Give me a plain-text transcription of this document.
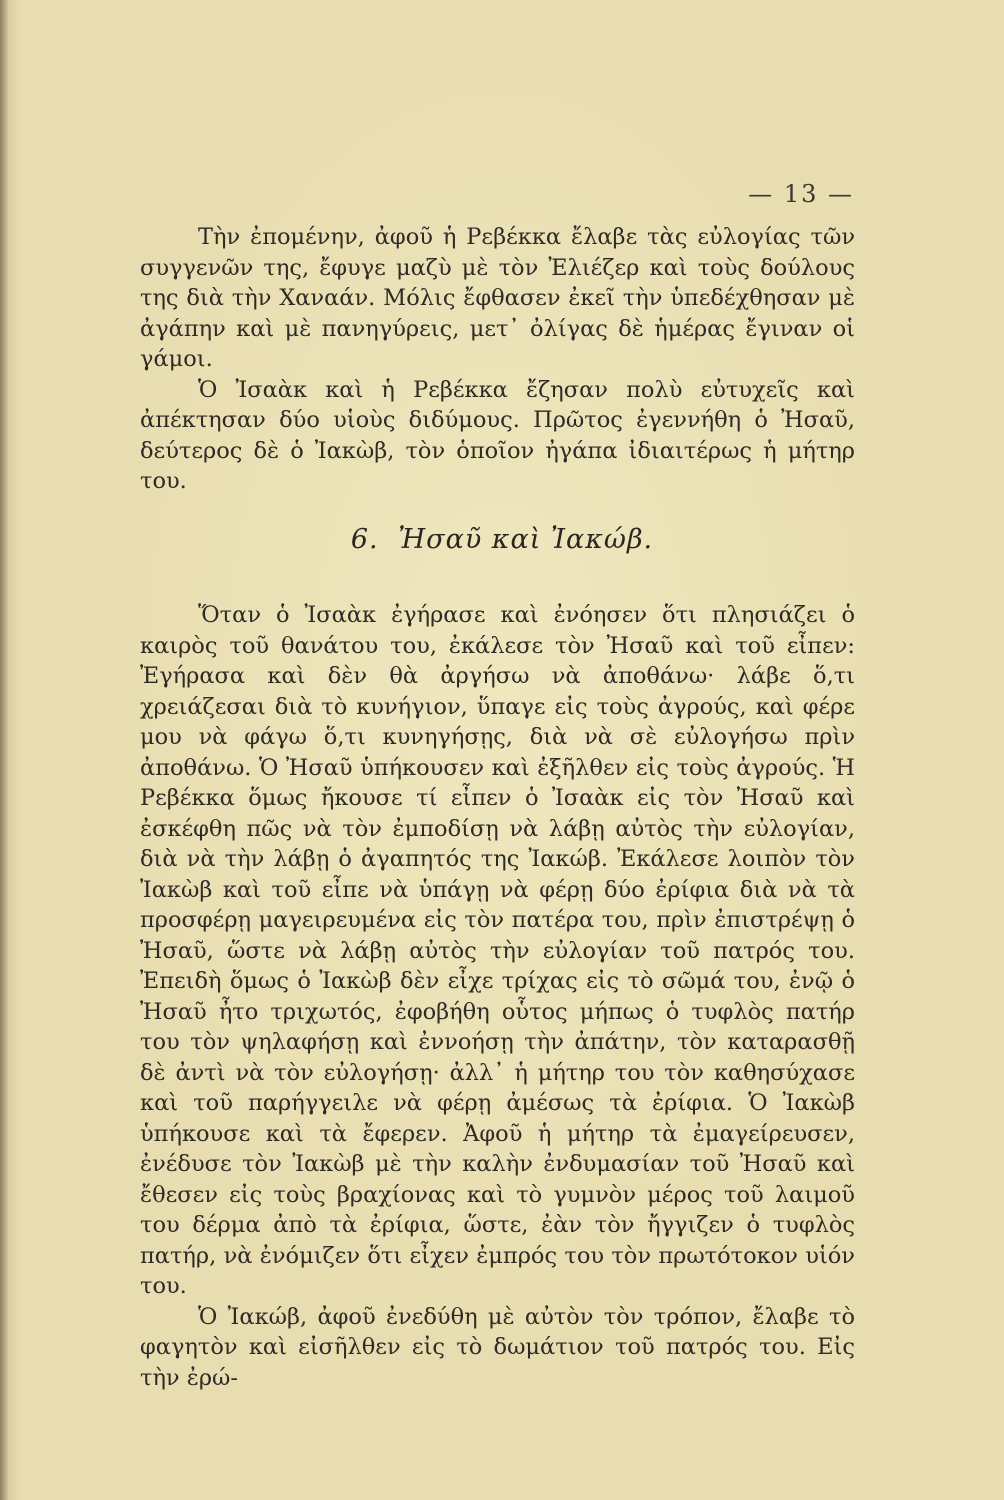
— 13 —

Τὴν ἐπομένην, ἀφοῦ ἡ Ρεβέκκα ἔλαβε τὰς εὐλογίας τῶν συγγενῶν της, ἔφυγε μαζὺ μὲ τὸν Ἐλιέζερ καὶ τοὺς δούλους της διὰ τὴν Χαναάν. Μόλις ἔφθασεν ἐκεῖ τὴν ὑπεδέχθησαν μὲ ἀγάπην καὶ μὲ πανηγύρεις, μετ᾽ ὀλίγας δὲ ἡμέρας ἔγιναν οἱ γάμοι.

Ὁ Ἰσαὰκ καὶ ἡ Ρεβέκκα ἔζησαν πολὺ εὐτυχεῖς καὶ ἀπέκτησαν δύο υἱοὺς διδύμους. Πρῶτος ἐγεννήθη ὁ Ἠσαῦ, δεύτερος δὲ ὁ Ἰακὼβ, τὸν ὁποῖον ἠγάπα ἰδιαιτέρως ἡ μήτηρ του.

6. Ἠσαῦ καὶ Ἰακώβ.

Ὅταν ὁ Ἰσαὰκ ἐγήρασε καὶ ἐνόησεν ὅτι πλησιάζει ὁ καιρὸς τοῦ θανάτου του, ἐκάλεσε τὸν Ἠσαῦ καὶ τοῦ εἶπεν: Ἐγήρασα καὶ δὲν θὰ ἀργήσω νὰ ἀποθάνω· λάβε ὅ,τι χρειάζεσαι διὰ τὸ κυνήγιον, ὕπαγε εἰς τοὺς ἀγρούς, καὶ φέρε μου νὰ φάγω ὅ,τι κυνηγήσῃς, διὰ νὰ σὲ εὐλογήσω πρὶν ἀποθάνω. Ὁ Ἠσαῦ ὑπήκουσεν καὶ ἐξῆλθεν εἰς τοὺς ἀγρούς. Ἡ Ρεβέκκα ὅμως ἤκουσε τί εἶπεν ὁ Ἰσαὰκ εἰς τὸν Ἠσαῦ καὶ ἐσκέφθη πῶς νὰ τὸν ἐμποδίσῃ νὰ λάβῃ αὐτὸς τὴν εὐλογίαν, διὰ νὰ τὴν λάβῃ ὁ ἀγαπητός της Ἰακώβ. Ἐκάλεσε λοιπὸν τὸν Ἰακὼβ καὶ τοῦ εἶπε νὰ ὑπάγῃ νὰ φέρῃ δύο ἐρίφια διὰ νὰ τὰ προσφέρῃ μαγειρευμένα εἰς τὸν πατέρα του, πρὶν ἐπιστρέψῃ ὁ Ἠσαῦ, ὥστε νὰ λάβῃ αὐτὸς τὴν εὐλογίαν τοῦ πατρός του. Ἐπειδὴ ὅμως ὁ Ἰακὼβ δὲν εἶχε τρίχας εἰς τὸ σῶμά του, ἐνῷ ὁ Ἠσαῦ ἦτο τριχωτός, ἐφοβήθη οὗτος μήπως ὁ τυφλὸς πατήρ του τὸν ψηλαφήσῃ καὶ ἐννοήσῃ τὴν ἀπάτην, τὸν καταρασθῇ δὲ ἀντὶ νὰ τὸν εὐλογήσῃ· ἀλλ᾽ ἡ μήτηρ του τὸν καθησύχασε καὶ τοῦ παρήγγειλε νὰ φέρῃ ἀμέσως τὰ ἐρίφια. Ὁ Ἰακὼβ ὑπήκουσε καὶ τὰ ἔφερεν. Ἀφοῦ ἡ μήτηρ τὰ ἐμαγείρευσεν, ἐνέδυσε τὸν Ἰακὼβ μὲ τὴν καλὴν ἐνδυμασίαν τοῦ Ἠσαῦ καὶ ἔθεσεν εἰς τοὺς βραχίονας καὶ τὸ γυμνὸν μέρος τοῦ λαιμοῦ του δέρμα ἀπὸ τὰ ἐρίφια, ὥστε, ἐὰν τὸν ἤγγιζεν ὁ τυφλὸς πατήρ, νὰ ἐνόμιζεν ὅτι εἶχεν ἐμπρός του τὸν πρωτότοκον υἱόν του.

Ὁ Ἰακώβ, ἀφοῦ ἐνεδύθη μὲ αὐτὸν τὸν τρόπον, ἔλαβε τὸ φαγητὸν καὶ εἰσῆλθεν εἰς τὸ δωμάτιον τοῦ πατρός του. Εἰς τὴν ἐρώ-
